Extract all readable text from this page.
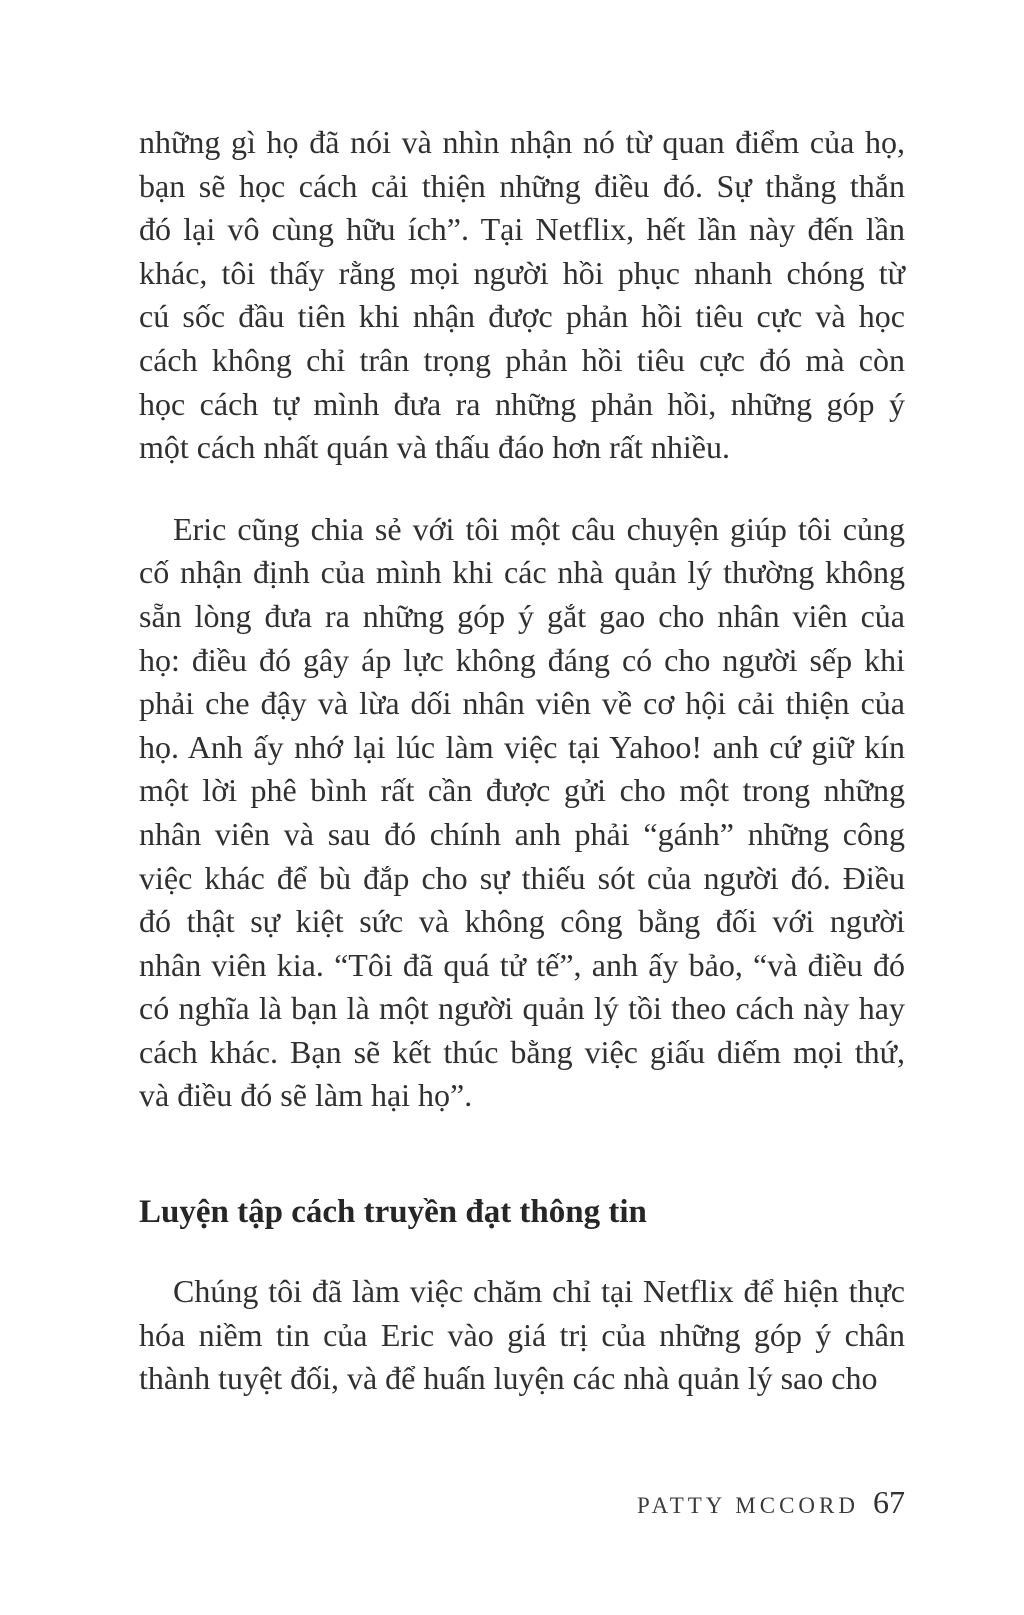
những gì họ đã nói và nhìn nhận nó từ quan điểm của họ,
bạn sẽ học cách cải thiện những điều đó. Sự thẳng thắn
đó lại vô cùng hữu ích”. Tại Netflix, hết lần này đến lần
khác, tôi thấy rằng mọi người hồi phục nhanh chóng từ
cú sốc đầu tiên khi nhận được phản hồi tiêu cực và học
cách không chỉ trân trọng phản hồi tiêu cực đó mà còn
học cách tự mình đưa ra những phản hồi, những góp ý
một cách nhất quán và thấu đáo hơn rất nhiều.
Eric cũng chia sẻ với tôi một câu chuyện giúp tôi củng
cố nhận định của mình khi các nhà quản lý thường không
sẵn lòng đưa ra những góp ý gắt gao cho nhân viên của
họ: điều đó gây áp lực không đáng có cho người sếp khi
phải che đậy và lừa dối nhân viên về cơ hội cải thiện của
họ. Anh ấy nhớ lại lúc làm việc tại Yahoo! anh cứ giữ kín
một lời phê bình rất cần được gửi cho một trong những
nhân viên và sau đó chính anh phải “gánh” những công
việc khác để bù đắp cho sự thiếu sót của người đó. Điều
đó thật sự kiệt sức và không công bằng đối với người
nhân viên kia. “Tôi đã quá tử tế”, anh ấy bảo, “và điều đó
có nghĩa là bạn là một người quản lý tồi theo cách này hay
cách khác. Bạn sẽ kết thúc bằng việc giấu diếm mọi thứ,
và điều đó sẽ làm hại họ”.
Luyện tập cách truyền đạt thông tin
Chúng tôi đã làm việc chăm chỉ tại Netflix để hiện thực
hóa niềm tin của Eric vào giá trị của những góp ý chân
thành tuyệt đối, và để huấn luyện các nhà quản lý sao cho
PATTY MCCORD 67
